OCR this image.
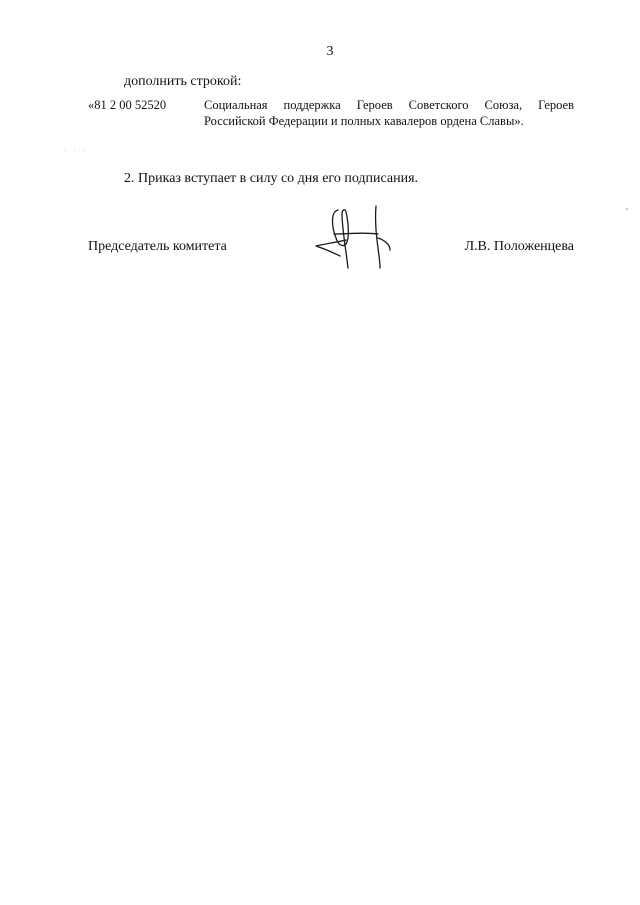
3
дополнить строкой:
«81 2 00 52520	Социальная поддержка Героев Советского Союза, Героев Российской Федерации и полных кавалеров ордена Славы».
· · ·
2. Приказ вступает в силу со дня его подписания.
Председатель комитета	Л.В. Положенцева
